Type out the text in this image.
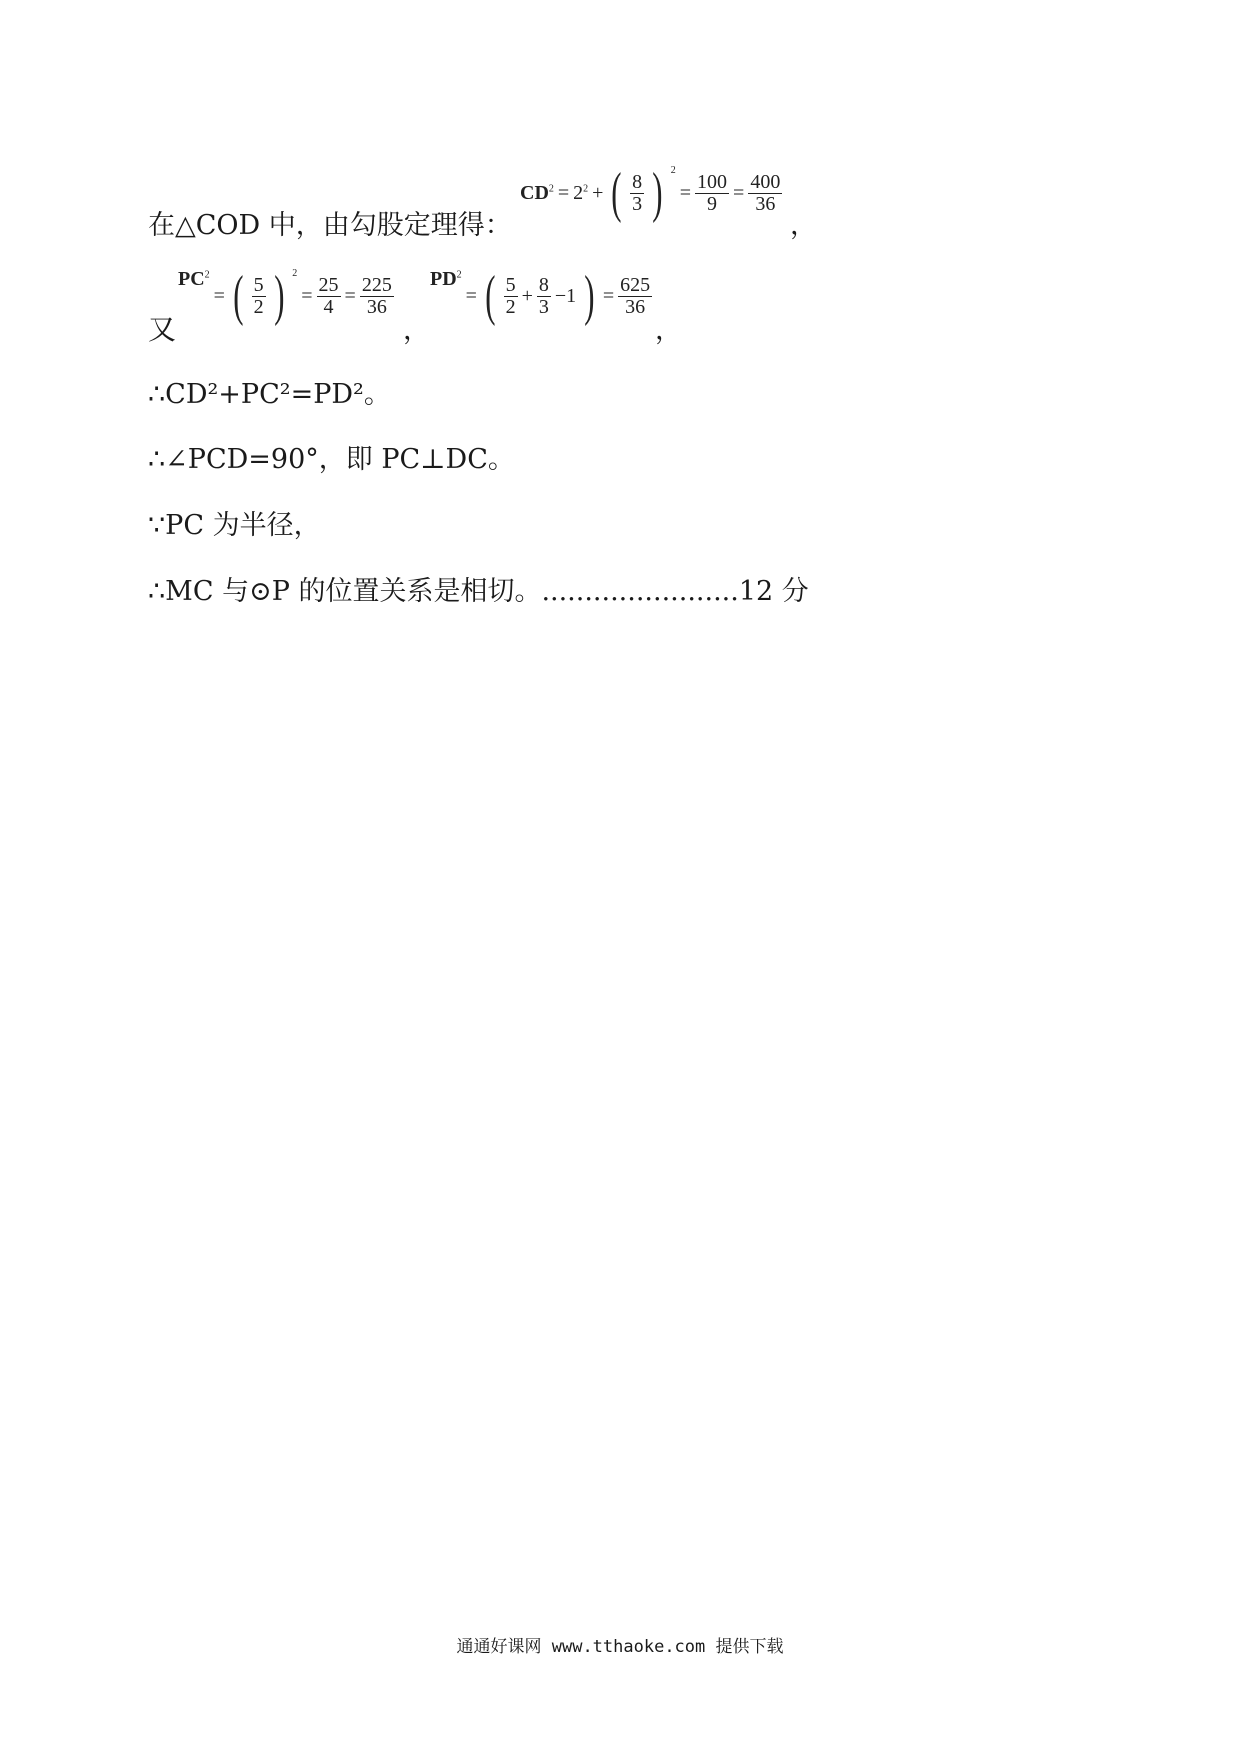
在△COD 中，由勾股定理得：
$CD^2 = 2^2$ + ( $\frac{8}{3}$ ) $^2$
= $\frac{100}{9} = \frac{400}{36}$
，
又
$PC^2$
= ( $\frac{5}{2}$ ) $^2$
= $\frac{25}{4} = \frac{225}{36}$
，
$PD^2$
= ( $\frac{5}{2} + \frac{8}{3} -1$ ) = $\frac{625}{36}$
，
∴CD²+PC²=PD²。
∴∠PCD=90°，即 PC⊥DC。
∵PC 为半径，
∴MC 与⊙P 的位置关系是相切。.......................12 分
通通好课网 www.tthaoke.com 提供下载
